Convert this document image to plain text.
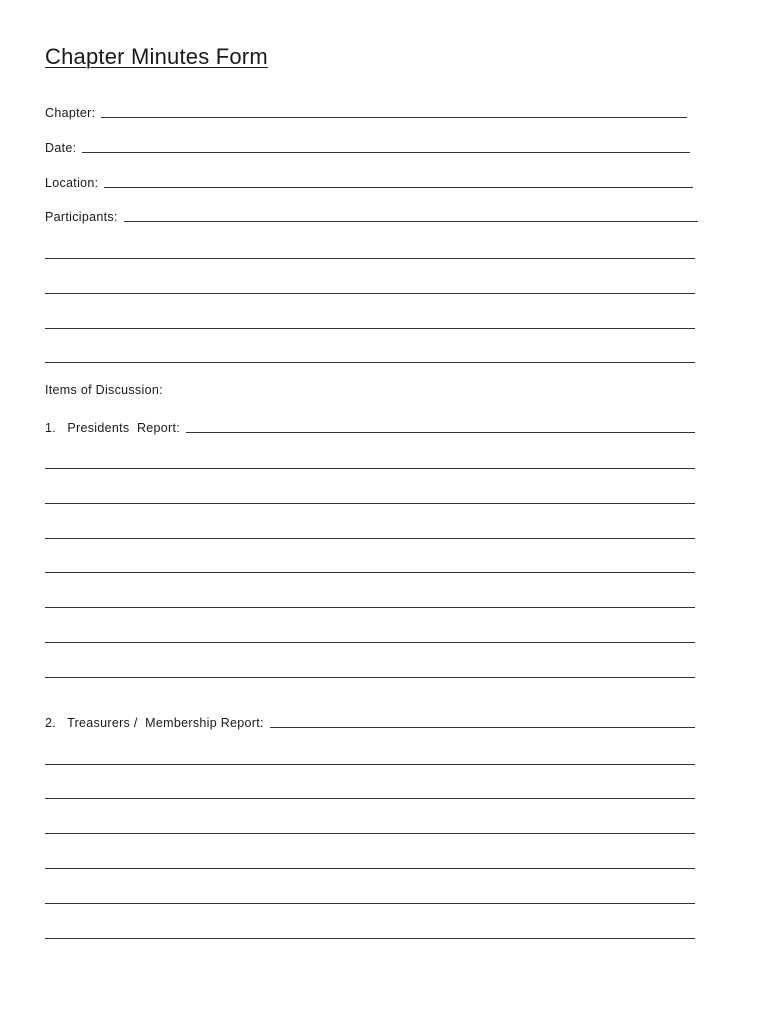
Chapter Minutes Form
Chapter:
Date:
Location:
Participants:
Items of Discussion:
1.   Presidents  Report:
2.   Treasurers /  Membership Report:
